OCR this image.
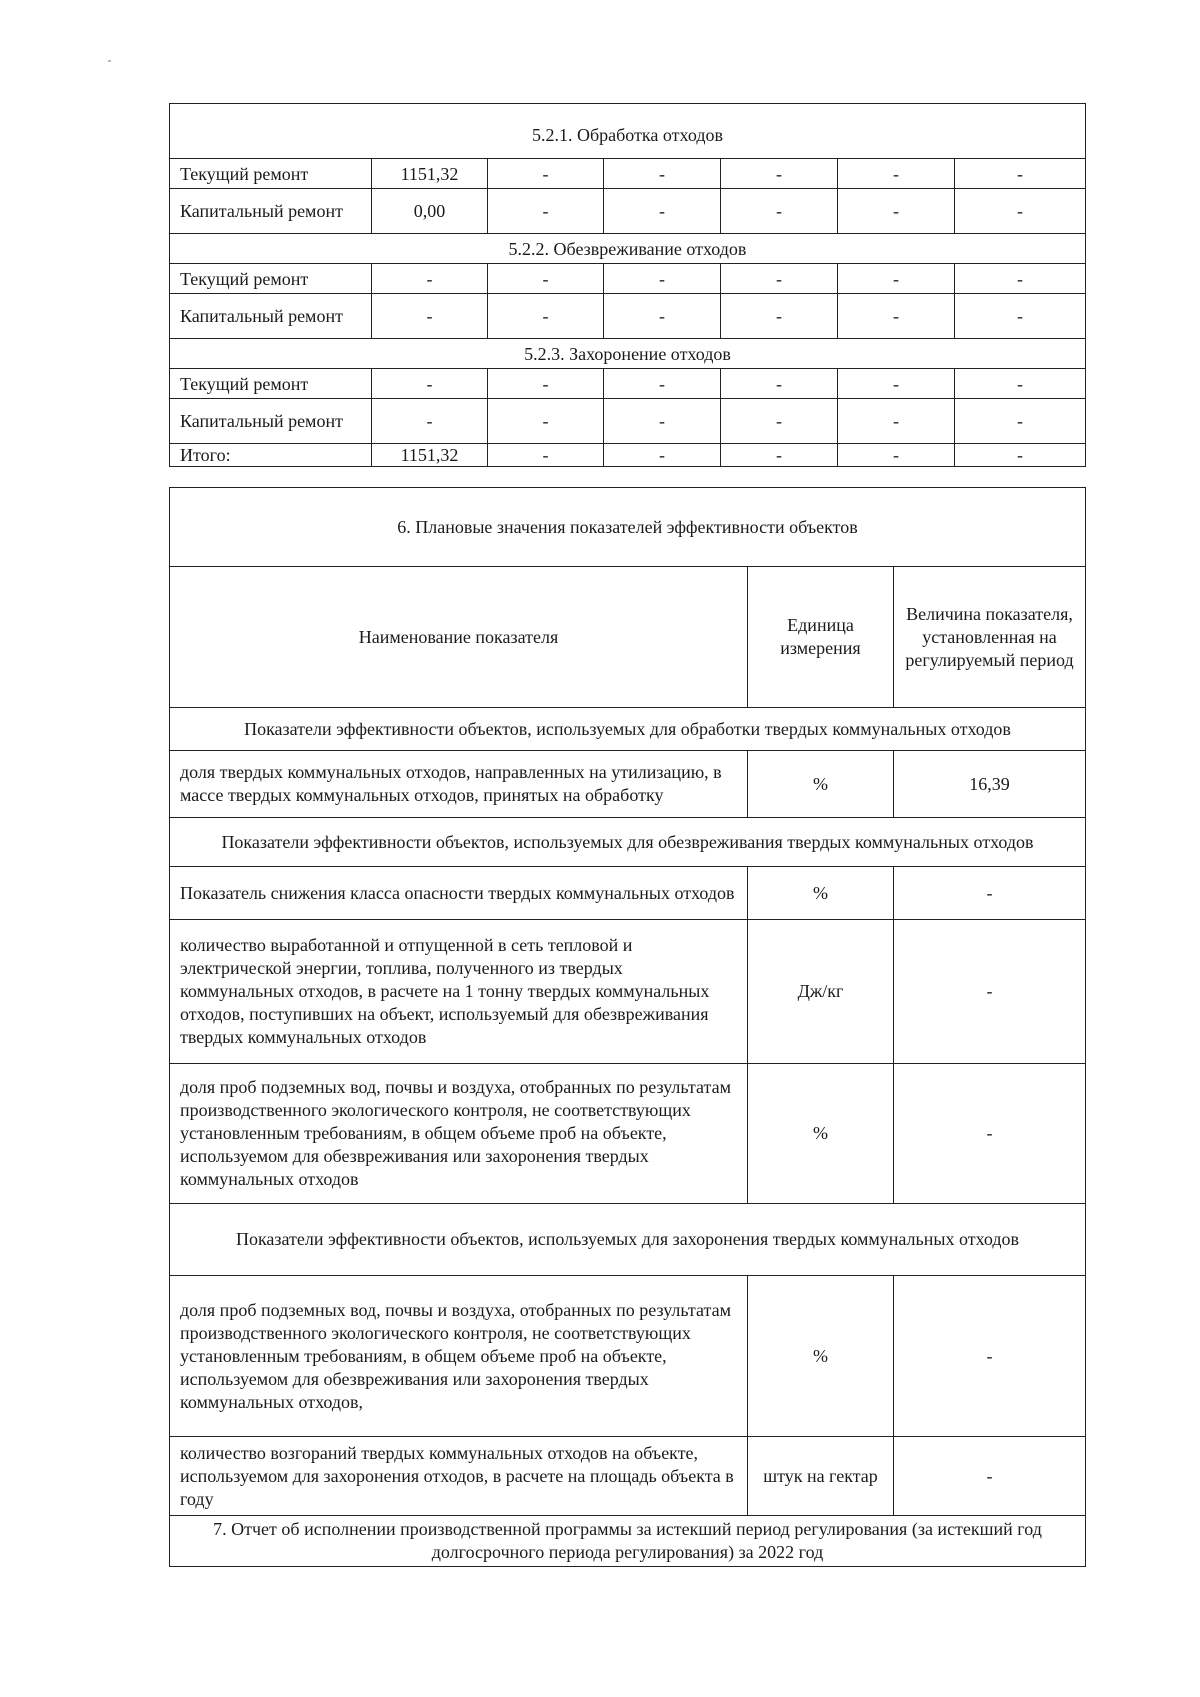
5.2.1. Обработка отходов						
Текущий ремонт	1151,32	-	-	-	-	-
Капитальный ремонт	0,00	-	-	-	-	-
5.2.2. Обезвреживание отходов						
Текущий ремонт	-	-	-	-	-	-
Капитальный ремонт	-	-	-	-	-	-
5.2.3. Захоронение отходов						
Текущий ремонт	-	-	-	-	-	-
Капитальный ремонт	-	-	-	-	-	-
Итого:	1151,32	-	-	-	-	-
6. Плановые значения показателей эффективности объектов		
Наименование показателя	Единица измерения	Величина показателя, установленная на регулируемый период
Показатели эффективности объектов, используемых для обработки твердых коммунальных отходов		
доля твердых коммунальных отходов, направленных на утилизацию, в массе твердых коммунальных отходов, принятых на обработку	%	16,39
Показатели эффективности объектов, используемых для обезвреживания твердых коммунальных отходов		
Показатель снижения класса опасности твердых коммунальных отходов	%	-
количество выработанной и отпущенной в сеть тепловой и электрической энергии, топлива, полученного из твердых коммунальных отходов, в расчете на 1 тонну твердых коммунальных отходов, поступивших на объект, используемый для обезвреживания твердых коммунальных отходов	Дж/кг	-
доля проб подземных вод, почвы и воздуха, отобранных по результатам производственного экологического контроля, не соответствующих установленным требованиям, в общем объеме проб на объекте, используемом для обезвреживания или захоронения твердых коммунальных отходов	%	-
Показатели эффективности объектов, используемых для захоронения твердых коммунальных отходов		
доля проб подземных вод, почвы и воздуха, отобранных по результатам производственного экологического контроля, не соответствующих установленным требованиям, в общем объеме проб на объекте, используемом для обезвреживания или захоронения твердых коммунальных отходов,	%	-
количество возгораний твердых коммунальных отходов на объекте, используемом для захоронения отходов, в расчете на площадь объекта в году	штук на гектар	-
7. Отчет об исполнении производственной программы за истекший период регулирования (за истекший год долгосрочного периода регулирования) за 2022 год		
